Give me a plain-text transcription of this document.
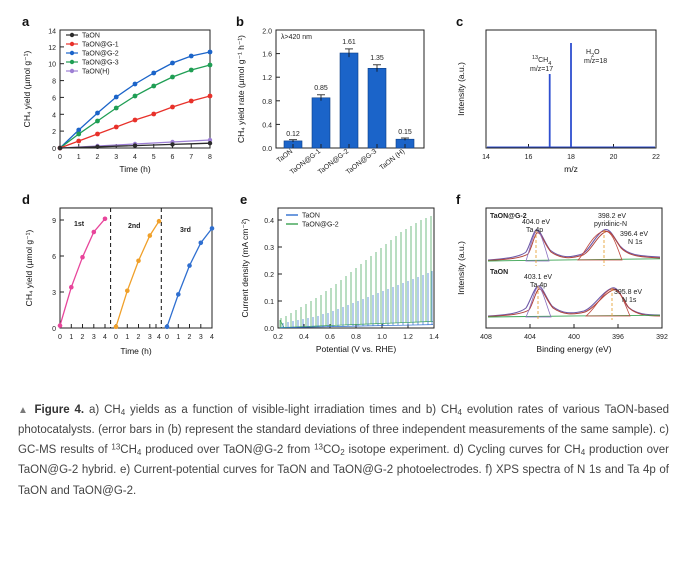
a
0
2
4
6
8
10
12
14
0 1 2 3 4 5 6 7 8
Time (h)
CH₄ yield (µmol g⁻¹)
TaON
TaON@G-1
TaON@G-2
TaON@G-3
TaON(H)
b
λ>420 nm
0.0
0.4
0.8
1.2
1.6
2.0
CH₄ yield rate (µmol g⁻¹ h⁻¹)	0.12
0.85
1.61
1.35
0.15
TaON
TaON@G-1
TaON@G-2
TaON@G-3 TaON (H)
c
14	16	18	20	22
m/z
Intensity (a.u.)
$^{13}CH_4$
m/z=17
$H_2O$
m/z=18
d
0
3
6
9
CH₄ yield (µmol g⁻¹)
Time (h)
0 1 2 3 4 0 1 2 3 4 0 1 2 3 4
1st	2nd
3rd
e
0.0
0.1
0.2
0.3
0.4
Current density (mA cm⁻²)
Potential (V vs. RHE)
0.2 0.4 0.6 0.8 1.0 1.2 1.4
TaON
TaON@G-2
f
408	404	400	396	392
Binding energy (eV)
Intensity (a.u.)
TaON@G-2
TaON
404.0 eV
Ta 4p
398.2 eV
pyridinic-N
396.4 eV
N 1s
403.1 eV
Ta 4p
395.8 eV
N 1s
▲ Figure 4. a) $CH_4$ yields as a function of visible-light irradiation times and b) $CH_4$ evolution rates of various TaON-based photocatalysts. (error bars in (b) represent the standard deviations of three independent measurements of the same sample). c) GC-MS results of $^{13}CH_4$ produced over TaON@G-2 from $^{13}CO_2$ isotope experiment. d) Cycling curves for $CH_4$ production over TaON@G-2 hybrid. e) Current-potential curves for TaON and TaON@G-2 photoelectrodes. f) XPS spectra of N 1s and Ta 4p of TaON and TaON@G-2.
